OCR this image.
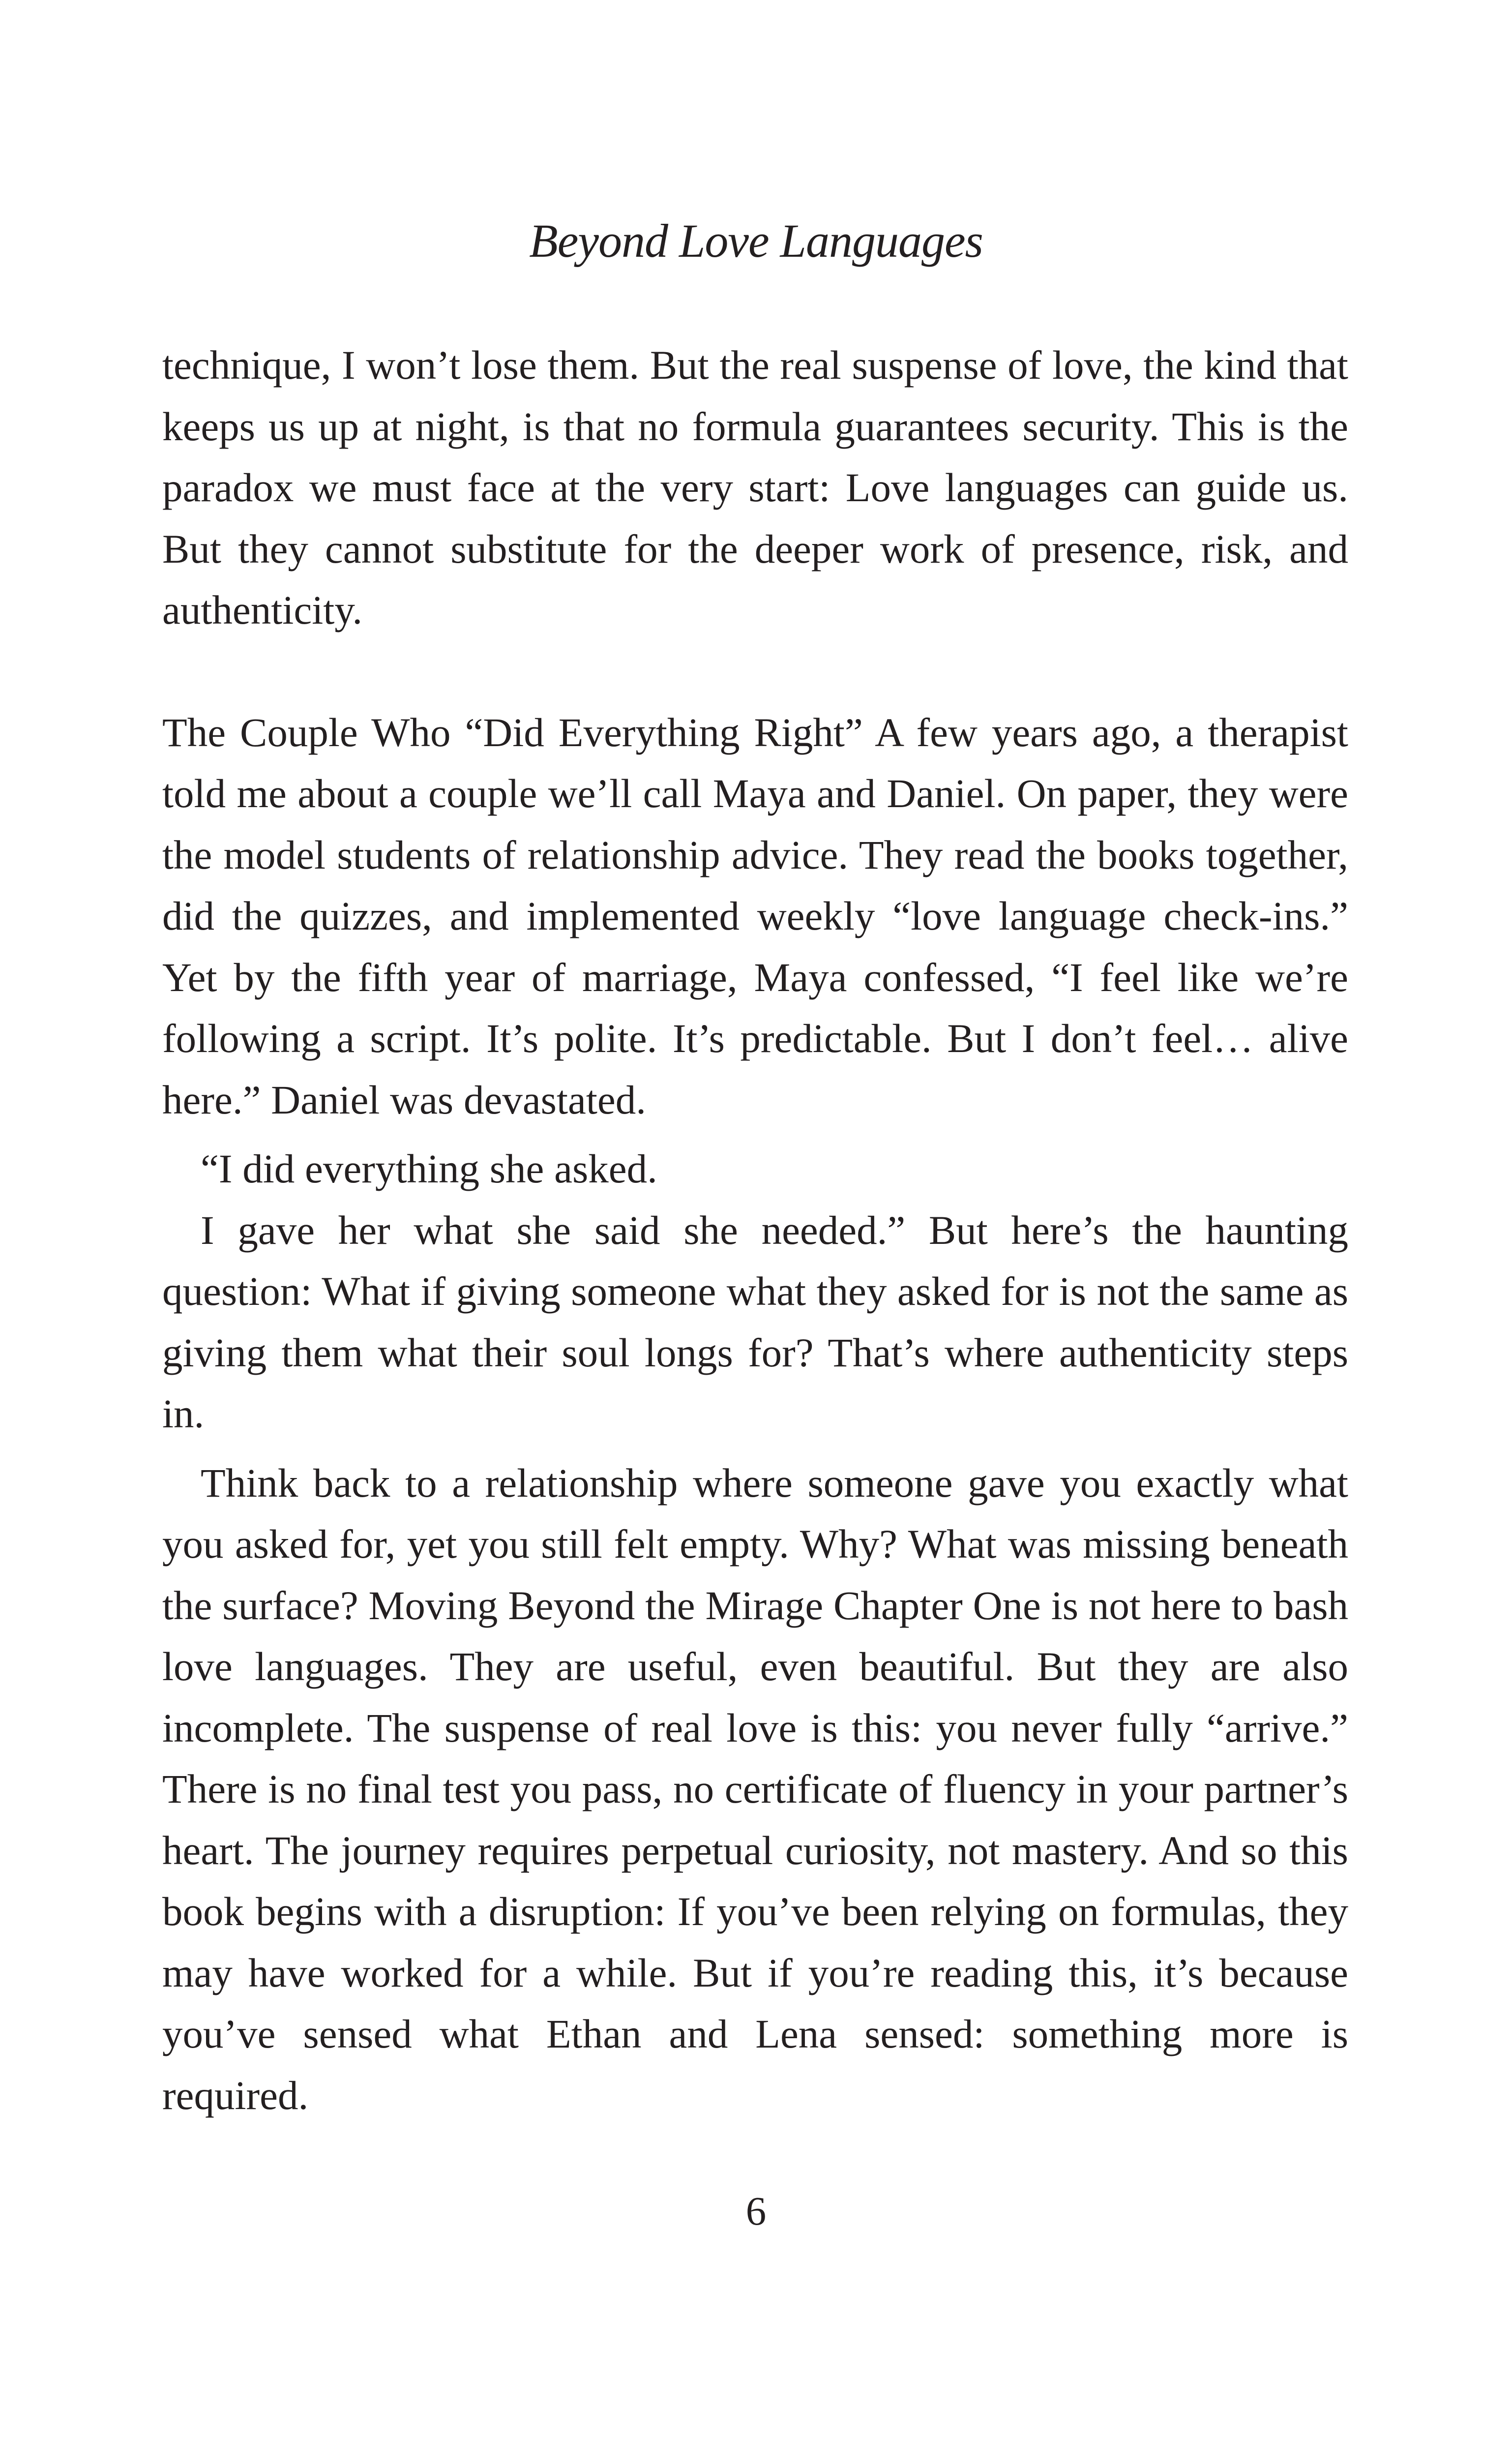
Beyond Love Languages

technique, I won’t lose them. But the real suspense of love, the kind that keeps us up at night, is that no formula guarantees security. This is the paradox we must face at the very start: Love languages can guide us. But they cannot substitute for the deeper work of presence, risk, and authenticity.

The Couple Who “Did Everything Right” A few years ago, a therapist told me about a couple we’ll call Maya and Daniel. On paper, they were the model students of relationship advice. They read the books together, did the quizzes, and implemented weekly “love language check-ins.” Yet by the fifth year of marriage, Maya confessed, “I feel like we’re following a script. It’s polite. It’s predictable. But I don’t feel… alive here.” Daniel was devastated.

“I did everything she asked.

I gave her what she said she needed.” But here’s the haunting question: What if giving someone what they asked for is not the same as giving them what their soul longs for? That’s where authenticity steps in.

Think back to a relationship where someone gave you exactly what you asked for, yet you still felt empty. Why? What was missing beneath the surface? Moving Beyond the Mirage Chapter One is not here to bash love languages. They are useful, even beautiful. But they are also incomplete. The suspense of real love is this: you never fully “arrive.” There is no final test you pass, no certificate of fluency in your partner’s heart. The journey requires perpetual curiosity, not mastery. And so this book begins with a disruption: If you’ve been relying on formulas, they may have worked for a while. But if you’re reading this, it’s because you’ve sensed what Ethan and Lena sensed: something more is required.

6
